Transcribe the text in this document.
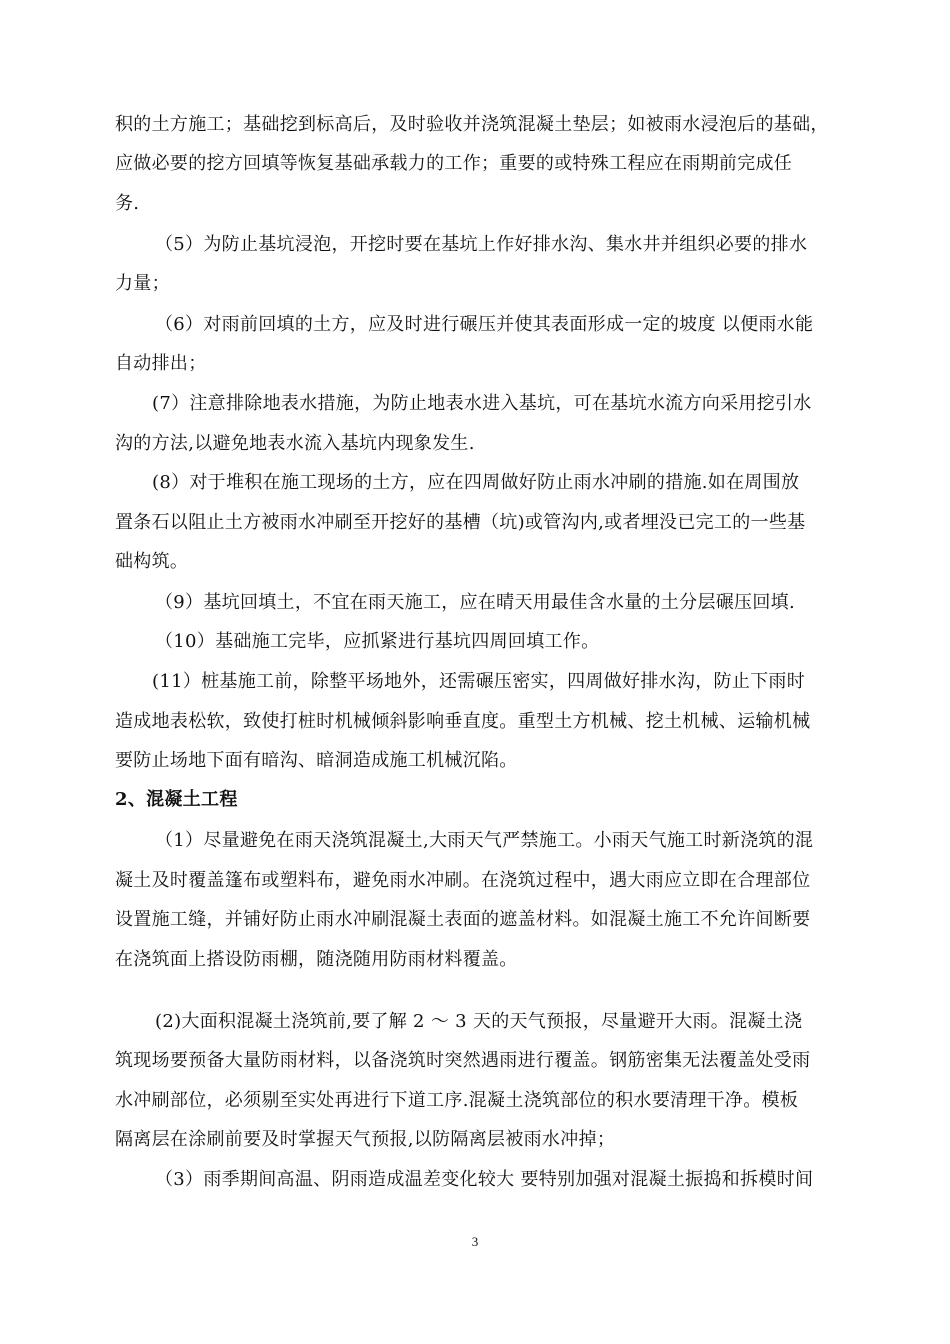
积的土方施工；基础挖到标高后，及时验收并浇筑混凝土垫层；如被雨水浸泡后的基础，
应做必要的挖方回填等恢复基础承载力的工作；重要的或特殊工程应在雨期前完成任
务.
（5）为防止基坑浸泡，开挖时要在基坑上作好排水沟、集水井并组织必要的排水
力量；
（6）对雨前回填的土方，应及时进行碾压并使其表面形成一定的坡度 以便雨水能
自动排出；
(7）注意排除地表水措施，为防止地表水进入基坑，可在基坑水流方向采用挖引水
沟的方法,以避免地表水流入基坑内现象发生.
(8）对于堆积在施工现场的土方，应在四周做好防止雨水冲刷的措施.如在周围放
置条石以阻止土方被雨水冲刷至开挖好的基槽（坑)或管沟内,或者埋没已完工的一些基
础构筑。
（9）基坑回填土，不宜在雨天施工，应在晴天用最佳含水量的土分层碾压回填.
（10）基础施工完毕，应抓紧进行基坑四周回填工作。
(11）桩基施工前，除整平场地外，还需碾压密实，四周做好排水沟，防止下雨时
造成地表松软，致使打桩时机械倾斜影响垂直度。重型土方机械、挖土机械、运输机械
要防止场地下面有暗沟、暗洞造成施工机械沉陷。
2、混凝土工程
（1）尽量避免在雨天浇筑混凝土,大雨天气严禁施工。小雨天气施工时新浇筑的混
凝土及时覆盖篷布或塑料布，避免雨水冲刷。在浇筑过程中，遇大雨应立即在合理部位
设置施工缝，并铺好防止雨水冲刷混凝土表面的遮盖材料。如混凝土施工不允许间断要
在浇筑面上搭设防雨棚，随浇随用防雨材料覆盖。
(2)大面积混凝土浇筑前,要了解 2 ～ 3 天的天气预报，尽量避开大雨。混凝土浇
筑现场要预备大量防雨材料，以备浇筑时突然遇雨进行覆盖。钢筋密集无法覆盖处受雨
水冲刷部位，必须剔至实处再进行下道工序.混凝土浇筑部位的积水要清理干净。模板
隔离层在涂刷前要及时掌握天气预报,以防隔离层被雨水冲掉；
（3）雨季期间高温、阴雨造成温差变化较大 要特别加强对混凝土振捣和拆模时间
3
